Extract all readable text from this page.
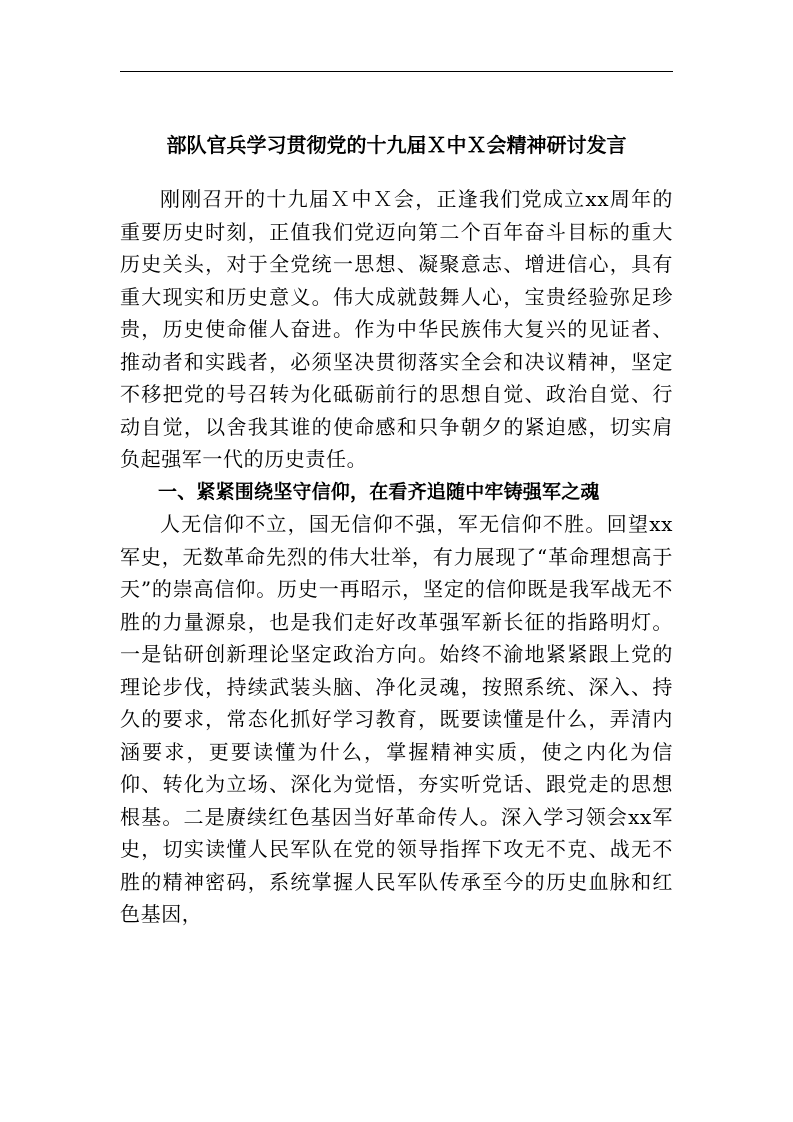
部队官兵学习贯彻党的十九届Ｘ中Ｘ会精神研讨发言

刚刚召开的十九届Ｘ中Ｘ会，正逢我们党成立xx周年的重要历史时刻，正值我们党迈向第二个百年奋斗目标的重大历史关头，对于全党统一思想、凝聚意志、增进信心，具有重大现实和历史意义。伟大成就鼓舞人心，宝贵经验弥足珍贵，历史使命催人奋进。作为中华民族伟大复兴的见证者、推动者和实践者，必须坚决贯彻落实全会和决议精神，坚定不移把党的号召转为化砥砺前行的思想自觉、政治自觉、行动自觉，以舍我其谁的使命感和只争朝夕的紧迫感，切实肩负起强军一代的历史责任。

一、紧紧围绕坚守信仰，在看齐追随中牢铸强军之魂

人无信仰不立，国无信仰不强，军无信仰不胜。回望xx军史，无数革命先烈的伟大壮举，有力展现了“革命理想高于天”的崇高信仰。历史一再昭示，坚定的信仰既是我军战无不胜的力量源泉，也是我们走好改革强军新长征的指路明灯。一是钻研创新理论坚定政治方向。始终不渝地紧紧跟上党的理论步伐，持续武装头脑、净化灵魂，按照系统、深入、持久的要求，常态化抓好学习教育，既要读懂是什么，弄清内涵要求，更要读懂为什么，掌握精神实质，使之内化为信仰、转化为立场、深化为觉悟，夯实听党话、跟党走的思想根基。二是赓续红色基因当好革命传人。深入学习领会xx军史，切实读懂人民军队在党的领导指挥下攻无不克、战无不胜的精神密码，系统掌握人民军队传承至今的历史血脉和红色基因，
